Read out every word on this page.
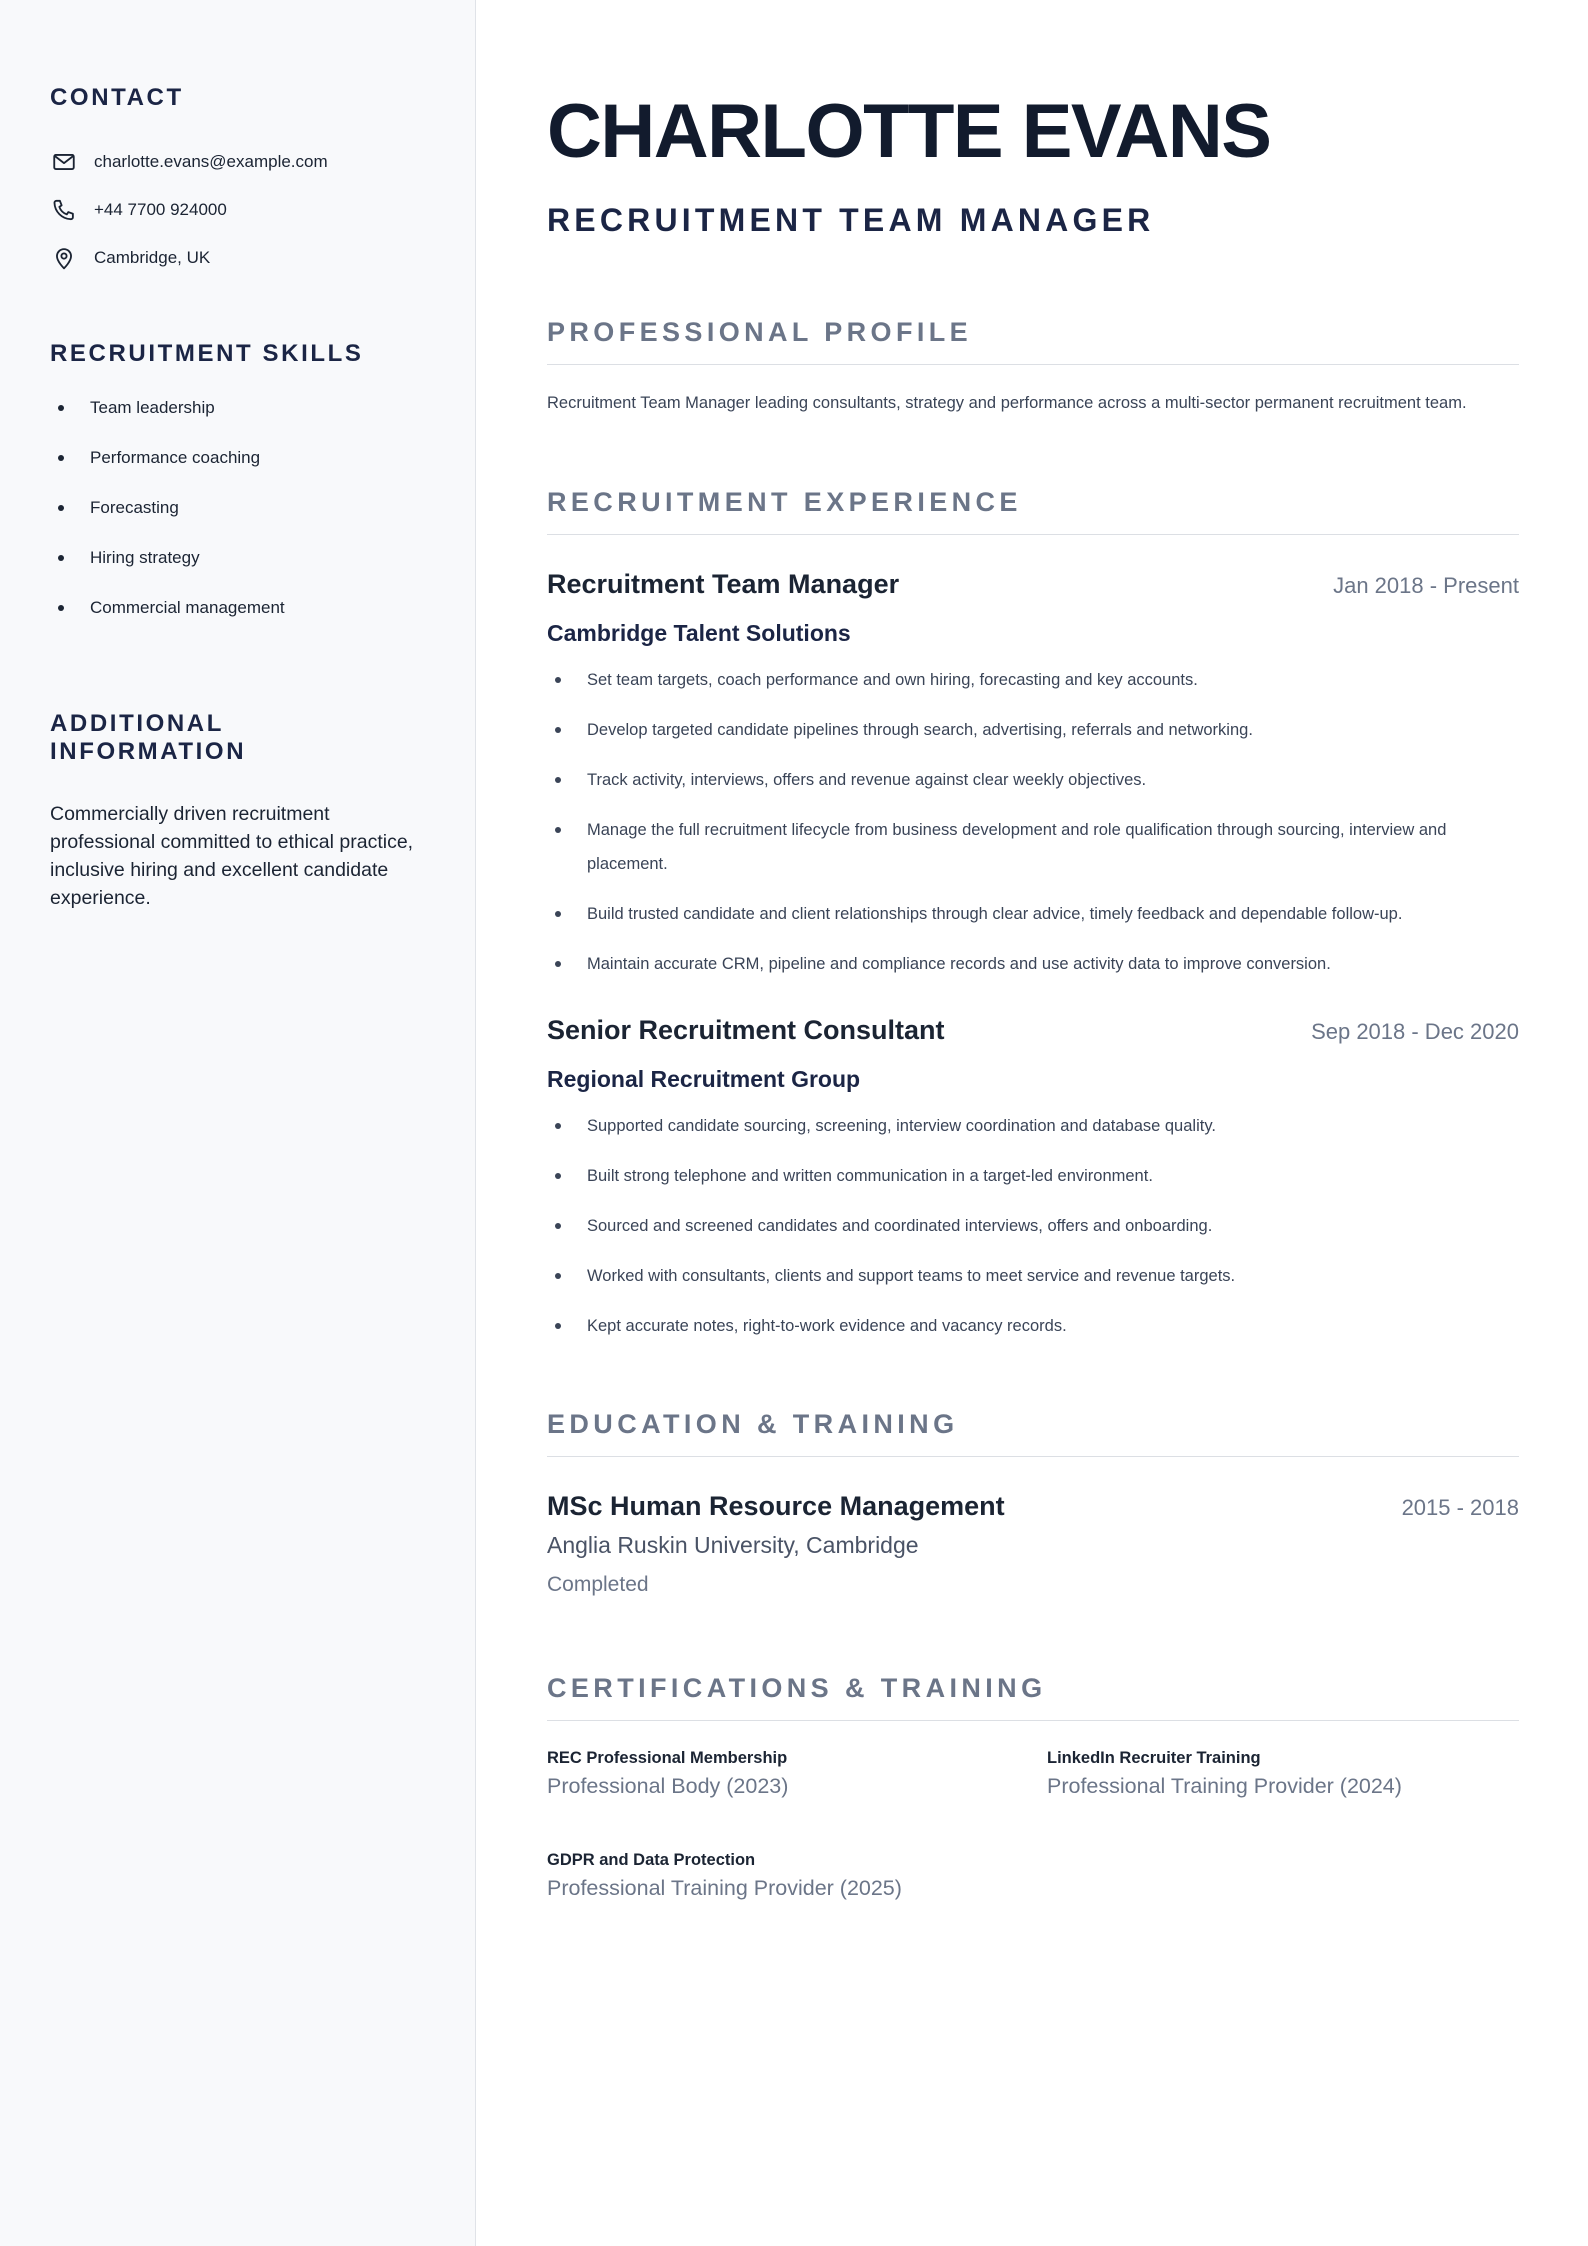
CONTACT
charlotte.evans@example.com
+44 7700 924000
Cambridge, UK
RECRUITMENT SKILLS
Team leadership
Performance coaching
Forecasting
Hiring strategy
Commercial management
ADDITIONAL INFORMATION

Commercially driven recruitment professional committed to ethical practice, inclusive hiring and excellent candidate experience.

CHARLOTTE EVANS
RECRUITMENT TEAM MANAGER
PROFESSIONAL PROFILE

Recruitment Team Manager leading consultants, strategy and performance across a multi-sector permanent recruitment team.

RECRUITMENT EXPERIENCE
Recruitment Team Manager	Jan 2018 - Present
Cambridge Talent Solutions
Set team targets, coach performance and own hiring, forecasting and key accounts.
Develop targeted candidate pipelines through search, advertising, referrals and networking.
Track activity, interviews, offers and revenue against clear weekly objectives.
Manage the full recruitment lifecycle from business development and role qualification through sourcing, interview and placement.
Build trusted candidate and client relationships through clear advice, timely feedback and dependable follow-up.
Maintain accurate CRM, pipeline and compliance records and use activity data to improve conversion.
Senior Recruitment Consultant	Sep 2018 - Dec 2020
Regional Recruitment Group
Supported candidate sourcing, screening, interview coordination and database quality.
Built strong telephone and written communication in a target-led environment.
Sourced and screened candidates and coordinated interviews, offers and onboarding.
Worked with consultants, clients and support teams to meet service and revenue targets.
Kept accurate notes, right-to-work evidence and vacancy records.
EDUCATION & TRAINING
MSc Human Resource Management	2015 - 2018
Anglia Ruskin University, Cambridge
Completed
CERTIFICATIONS & TRAINING
REC Professional Membership
Professional Body (2023)
LinkedIn Recruiter Training
Professional Training Provider (2024)
GDPR and Data Protection
Professional Training Provider (2025)
